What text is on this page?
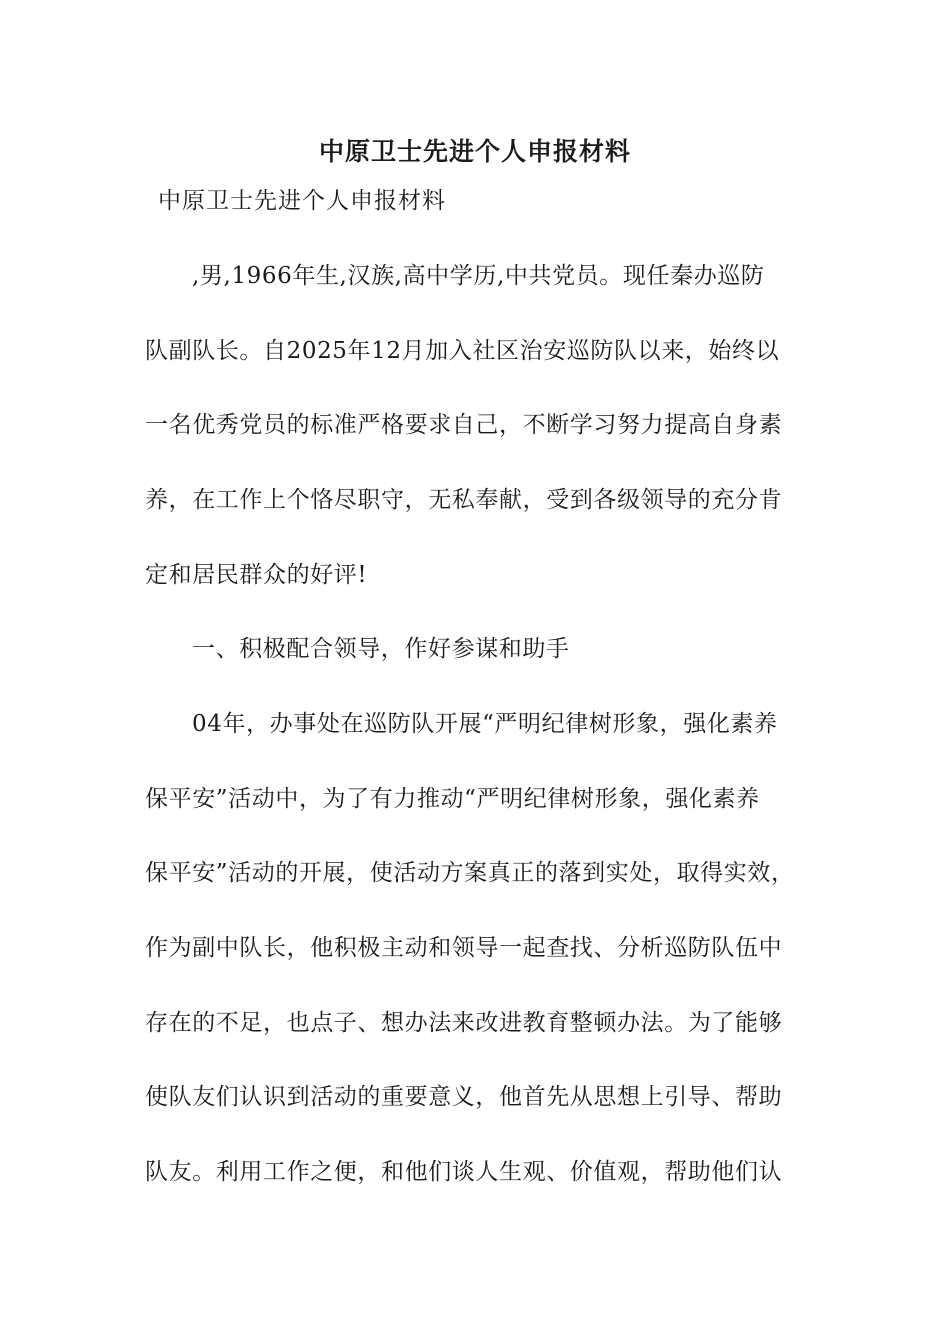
中原卫士先进个人申报材料
中原卫士先进个人申报材料
,男,1966年生,汉族,高中学历,中共党员。现任秦办巡防
队副队长。自2025年12月加入社区治安巡防队以来，始终以
一名优秀党员的标准严格要求自己，不断学习努力提高自身素
养，在工作上个恪尽职守，无私奉献，受到各级领导的充分肯
定和居民群众的好评!
一、积极配合领导，作好参谋和助手
04年，办事处在巡防队开展“严明纪律树形象，强化素养
保平安”活动中，为了有力推动“严明纪律树形象，强化素养
保平安”活动的开展，使活动方案真正的落到实处，取得实效，
作为副中队长，他积极主动和领导一起查找、分析巡防队伍中
存在的不足，也点子、想办法来改进教育整顿办法。为了能够
使队友们认识到活动的重要意义，他首先从思想上引导、帮助
队友。利用工作之便，和他们谈人生观、价值观，帮助他们认
